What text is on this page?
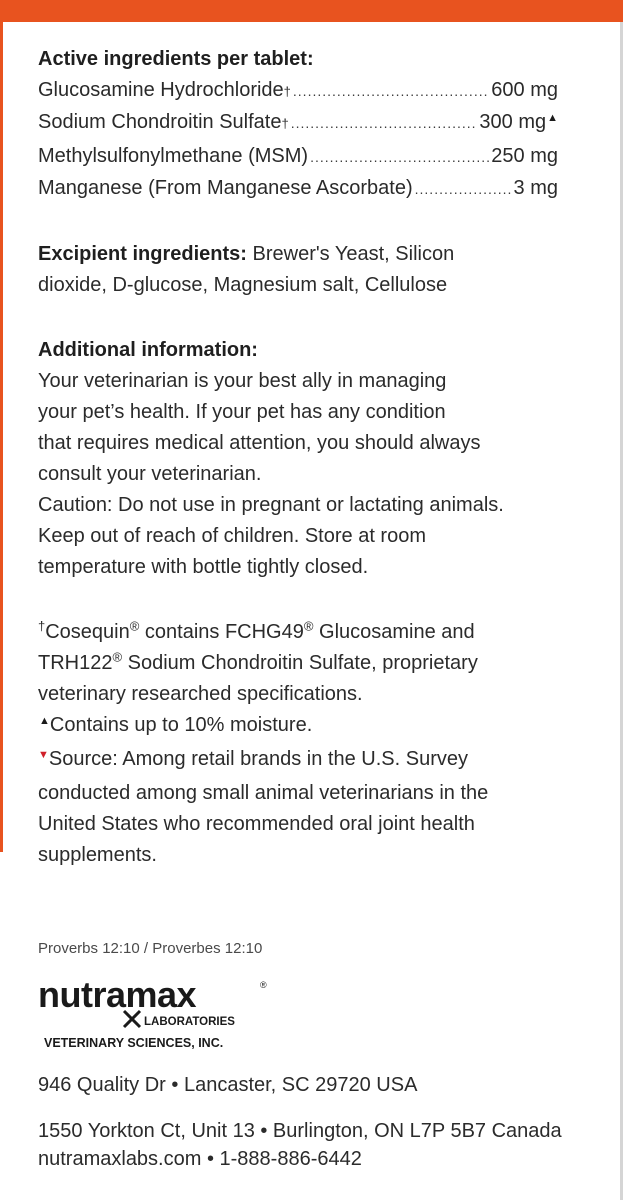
Active ingredients per tablet:
Glucosamine Hydrochloride † .....	600 mg
Sodium Chondroitin Sulfate † .....	300 mg ▲
Methylsulfonylmethane (MSM) .....	250 mg
Manganese (From Manganese Ascorbate) .....	3 mg
Excipient ingredients: Brewer's Yeast, Silicon dioxide, D-glucose, Magnesium salt, Cellulose
Additional information:
Your veterinarian is your best ally in managing
your pet’s health. If your pet has any condition
that requires medical attention, you should always
consult your veterinarian.
Caution: Do not use in pregnant or lactating animals.
Keep out of reach of children. Store at room
temperature with bottle tightly closed.
†Cosequin® contains FCHG49® Glucosamine and
TRH122® Sodium Chondroitin Sulfate, proprietary
veterinary researched specifications.
▲Contains up to 10% moisture.
▼Source: Among retail brands in the U.S. Survey
conducted among small animal veterinarians in the
United States who recommended oral joint health
supplements.
Proverbs 12:10 / Proverbes 12:10
nutramax	®
LABORATORIES
VETERINARY SCIENCES, INC.
946 Quality Dr • Lancaster, SC 29720 USA
1550 Yorkton Ct, Unit 13 • Burlington, ON L7P 5B7 Canada
nutramaxlabs.com • 1-888-886-6442
